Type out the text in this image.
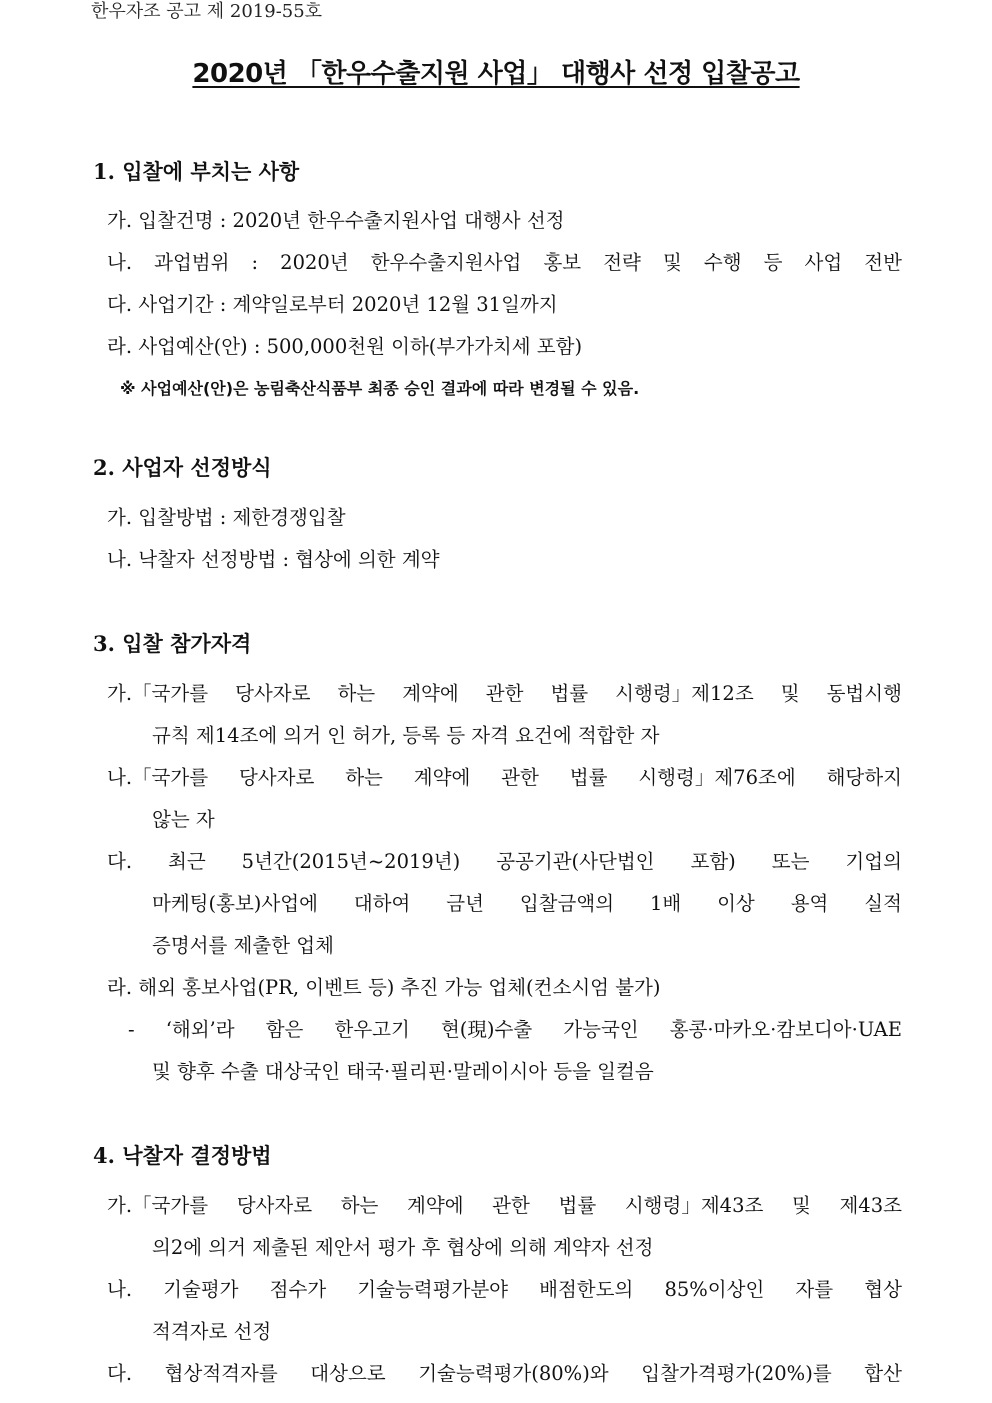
한우자조 공고 제 2019-55호
2020년 「한우수출지원 사업」 대행사 선정 입찰공고
1. 입찰에 부치는 사항
가. 입찰건명 : 2020년 한우수출지원사업 대행사 선정
나. 과업범위 : 2020년 한우수출지원사업 홍보 전략 및 수행 등 사업 전반
다. 사업기간 : 계약일로부터 2020년 12월 31일까지
라. 사업예산(안) : 500,000천원 이하(부가가치세 포함)
※ 사업예산(안)은 농림축산식품부 최종 승인 결과에 따라 변경될 수 있음.
2. 사업자 선정방식
가. 입찰방법 : 제한경쟁입찰
나. 낙찰자 선정방법 : 협상에 의한 계약
3. 입찰 참가자격
가.「국가를 당사자로 하는 계약에 관한 법률 시행령」제12조 및 동법시행
규칙 제14조에 의거 인 허가, 등록 등 자격 요건에 적합한 자
나.「국가를 당사자로 하는 계약에 관한 법률 시행령」제76조에 해당하지
않는 자
다. 최근 5년간(2015년~2019년) 공공기관(사단법인 포함) 또는 기업의
마케팅(홍보)사업에 대하여 금년 입찰금액의 1배 이상 용역 실적
증명서를 제출한 업체
라. 해외 홍보사업(PR, 이벤트 등) 추진 가능 업체(컨소시엄 불가)
- ‘해외’라 함은 한우고기 현(現)수출 가능국인 홍콩·마카오·캄보디아·UAE
및 향후 수출 대상국인 태국·필리핀·말레이시아 등을 일컬음
4. 낙찰자 결정방법
가.「국가를 당사자로 하는 계약에 관한 법률 시행령」제43조 및 제43조
의2에 의거 제출된 제안서 평가 후 협상에 의해 계약자 선정
나. 기술평가 점수가 기술능력평가분야 배점한도의 85%이상인 자를 협상
적격자로 선정
다. 협상적격자를 대상으로 기술능력평가(80%)와 입찰가격평가(20%)를 합산
